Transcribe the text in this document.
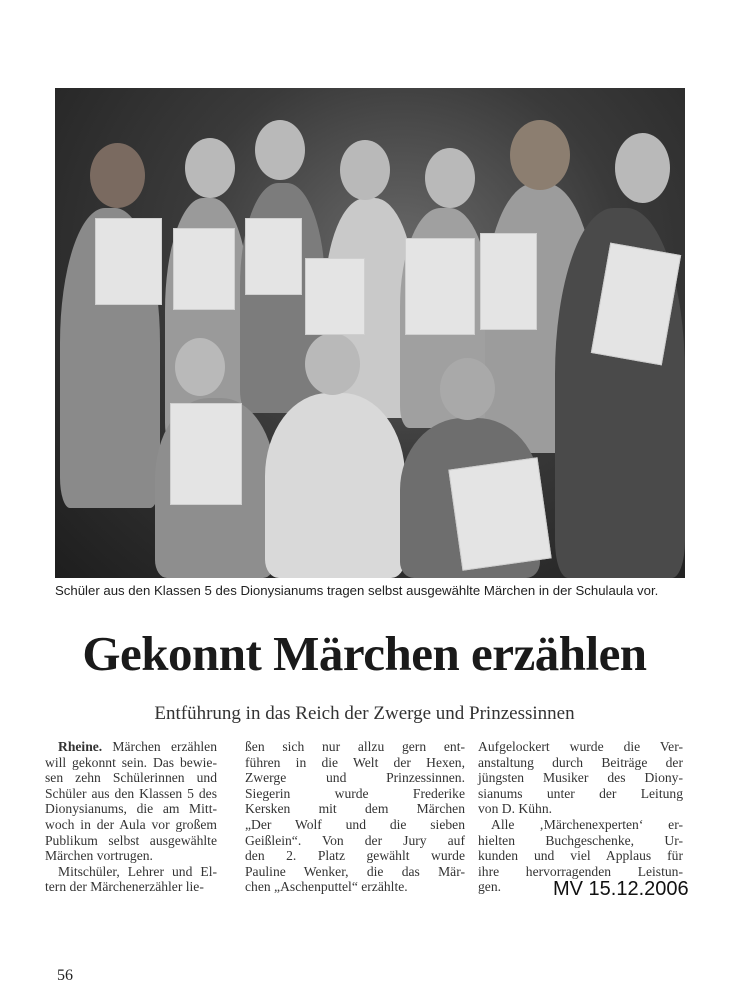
Schüler aus den Klassen 5 des Dionysianums tragen selbst ausgewählte Märchen in der Schulaula vor.
Gekonnt Märchen erzählen
Entführung in das Reich der Zwerge und Prinzessinnen
Rheine. Märchen erzählen
will gekonnt sein. Das bewie-
sen zehn Schülerinnen und
Schüler aus den Klassen 5 des
Dionysianums, die am Mitt-
woch in der Aula vor großem
Publikum selbst ausgewählte
Märchen vortrugen.
Mitschüler, Lehrer und El-
tern der Märchenerzähler lie-
ßen sich nur allzu gern ent-
führen in die Welt der Hexen,
Zwerge und Prinzessinnen.
Siegerin wurde Frederike
Kersken mit dem Märchen
„Der Wolf und die sieben
Geißlein“. Von der Jury auf
den 2. Platz gewählt wurde
Pauline Wenker, die das Mär-
chen „Aschenputtel“ erzählte.
Aufgelockert wurde die Ver-
anstaltung durch Beiträge der
jüngsten Musiker des Diony-
sianums unter der Leitung
von D. Kühn.
Alle ‚Märchenexperten‘ er-
hielten Buchgeschenke, Ur-
kunden und viel Applaus für
ihre hervorragenden Leistun-
gen.	MV 15.12.2006
56
